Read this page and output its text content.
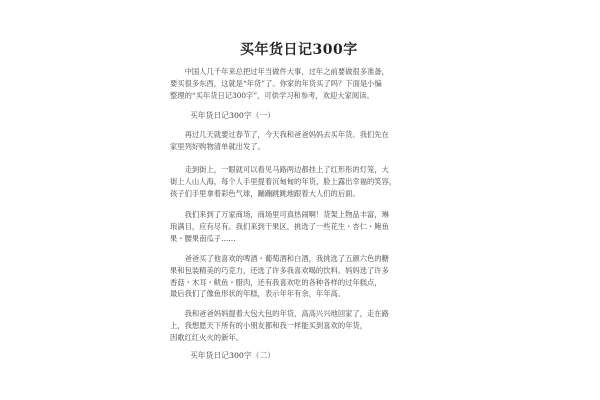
买年货日记300字
　　中国人几千年来总把过年当做件大事，过年之前要做很多准备，
要买很多东西，这就是“年货”了。你家的年货买了吗？下面是小编
整理的“买年货日记300字”，可供学习和参考，欢迎大家阅读。
买年货日记300字（一）
　　再过几天就要过春节了，今天我和爸爸妈妈去买年货。我们先在
家里列好购物清单就出发了。
　　走到街上，一眼就可以看见马路两边都挂上了红形彤的灯笼，大
街上人山人海，每个人手里提着沉甸甸的年货，脸上露出幸福的笑容，
孩子们手里拿着彩色气球，蹦蹦跳跳地跟着大人们的后面。
　　我们来到了万家商场，商场里可真热闹啊！货架上物品丰富，琳
琅满目，应有尽有。我们来到干果区，挑选了一些花生・杏仁・鲍鱼
果・腰果南瓜子……
　　爸爸买了他喜欢的啤酒・葡萄酒和白酒，我挑选了五颜六色的糖
果和包装精美的巧克力，还选了许多我喜欢喝的饮料。妈妈选了许多
香菇・木耳・鱿鱼・腊肉，还有我喜欢吃的各种各样的过年糕点，
最后我们了像鱼形状的年糕，表示年年有余，年年高。
　　我和爸爸妈妈提着大包大包的年货，高高兴兴地回家了，走在路
上，我想愿天下所有的小朋友都和我一样能买到喜欢的年货，
因歌红红火火的新年。
买年货日记300字（二）
